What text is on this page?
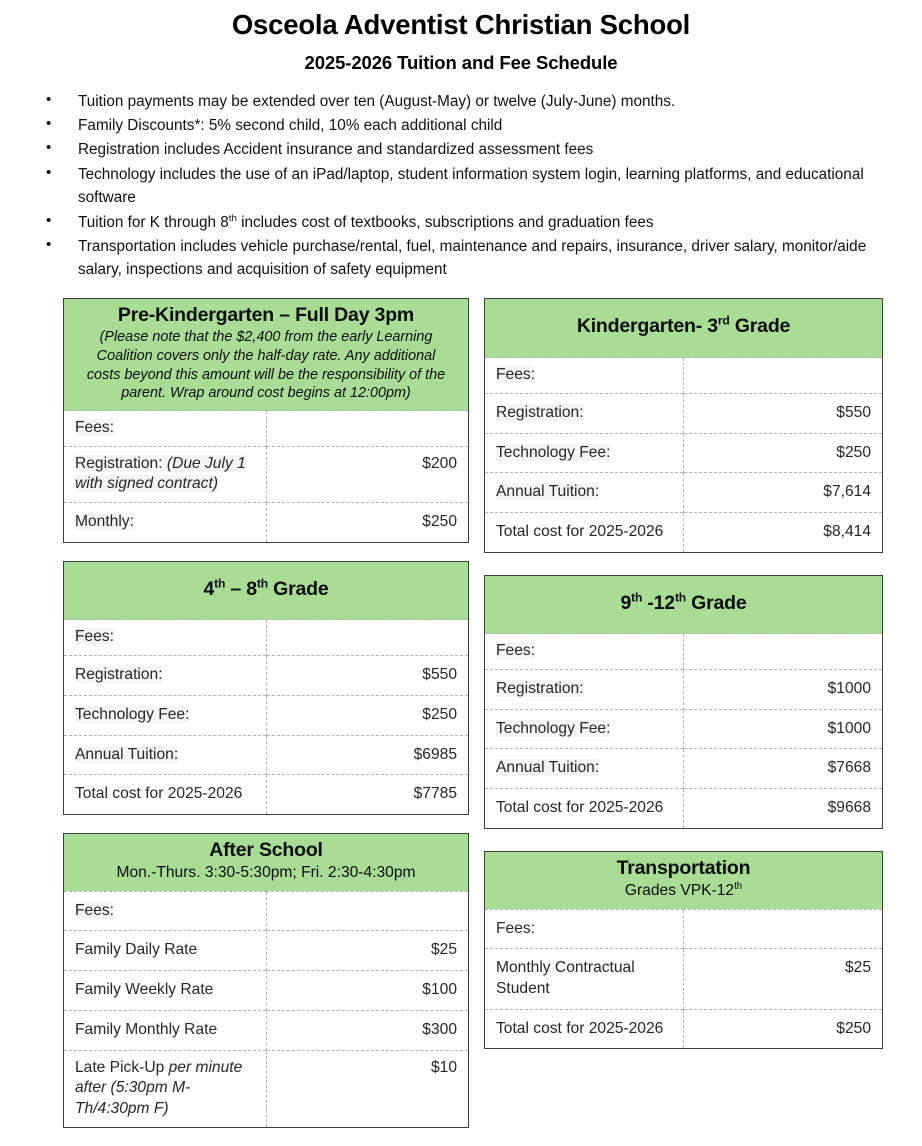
Osceola Adventist Christian School
2025-2026 Tuition and Fee Schedule
• Tuition payments may be extended over ten (August-May) or twelve (July-June) months.
• Family Discounts*: 5% second child, 10% each additional child
• Registration includes Accident insurance and standardized assessment fees
• Technology includes the use of an iPad/laptop, student information system login, learning platforms, and educational software
• Tuition for K through 8th includes cost of textbooks, subscriptions and graduation fees
• Transportation includes vehicle purchase/rental, fuel, maintenance and repairs, insurance, driver salary, monitor/aide salary, inspections and acquisition of safety equipment
Pre-Kindergarten – Full Day 3pm
(Please note that the $2,400 from the early Learning Coalition covers only the half-day rate. Any additional costs beyond this amount will be the responsibility of the parent. Wrap around cost begins at 12:00pm)	

Fees:	
Registration: (Due July 1 with signed contract)	$200
Monthly:	$250
4th – 8th Grade	

Fees:	
Registration:	$550
Technology Fee:	$250
Annual Tuition:	$6985
Total cost for 2025-2026	$7785
After School
Mon.-Thurs. 3:30-5:30pm; Fri. 2:30-4:30pm	

Fees:	
Family Daily Rate	$25
Family Weekly Rate	$100
Family Monthly Rate	$300
Late Pick-Up per minute after (5:30pm M-Th/4:30pm F)	$10
Kindergarten- 3rd Grade	

Fees:	
Registration:	$550
Technology Fee:	$250
Annual Tuition:	$7,614
Total cost for 2025-2026	$8,414
9th -12th Grade	

Fees:	
Registration:	$1000
Technology Fee:	$1000
Annual Tuition:	$7668
Total cost for 2025-2026	$9668
Transportation
Grades VPK-12th

Fees:	
Monthly Contractual Student	$25
Total cost for 2025-2026	$250
